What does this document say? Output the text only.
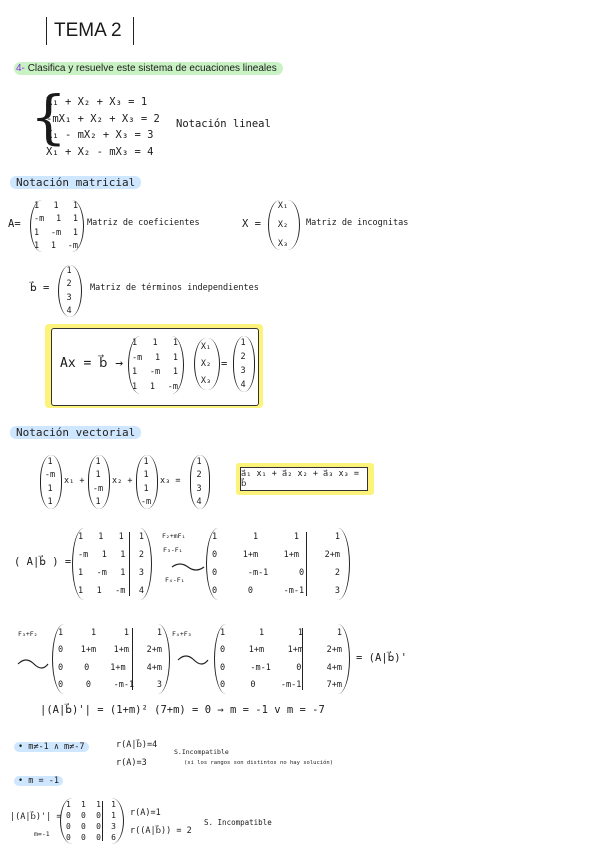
TEMA 2
4- Clasifica y resuelve este sistema de ecuaciones lineales
{
X₁ + X₂ + X₃ = 1
-mX₁ + X₂ + X₃ = 2
X₁ - mX₂ + X₃ = 3
X₁ + X₂ - mX₃ = 4
Notación lineal
Notación matricial
A=
1 1 1
-m 1 1
1 -m 1
1 1 -m
Matriz de coeficientes	X =
X₁
X₂
X₃
Matriz de incognitas
b⃗ =
1
2
3
4
Matriz de términos independientes
Ax = b⃗ →
1 1 1
-m 1 1
1 -m 1
1 1 -m
X₁
X₂
X₃
=
1
2
3
4
Notación vectorial
1
-m
1
1
x₁ +
1
1
-m
1
x₂ +
1
1
1
-m
x₃ =
1
2
3
4
a⃗₁ x₁ + a⃗₂ x₂ + a⃗₃ x₃ = b⃗
( A|b⃗ ) =
1 1 1 1
-m 1 1 2
1 -m 1 3
1 1 -m 4
F₂+mF₁
F₃-F₁
F₄-F₁
1	1	1	1
0	1+m	1+m	2+m
0	-m-1	0	2
0	0	-m-1	3
F₃+F₂ 1	1	1	1
0 1+m 1+m 2+m
0 0 1+m 4+m
0	0	-m-1	3
F₄+F₃	1	1	1	1
0	1+m	1+m	2+m
0	-m-1	0	4+m
0	0	-m-1	7+m
= (A|b⃗)'
|(A|b⃗)'| = (1+m)² (7+m) = 0 → m = -1 v m = -7
• m≠-1 ∧ m≠-7	r(A|b⃗)=4
r(A)=3
S.Incompatible
(si los rangos son distintos no hay solución)
• m = -1
|(A|b⃗)'| =
m=-1
1 1 1 1
0 0 0 1
0 0 0 3
0 0 0 6
r(A)=1
r((A|b⃗)) = 2
S. Incompatible
